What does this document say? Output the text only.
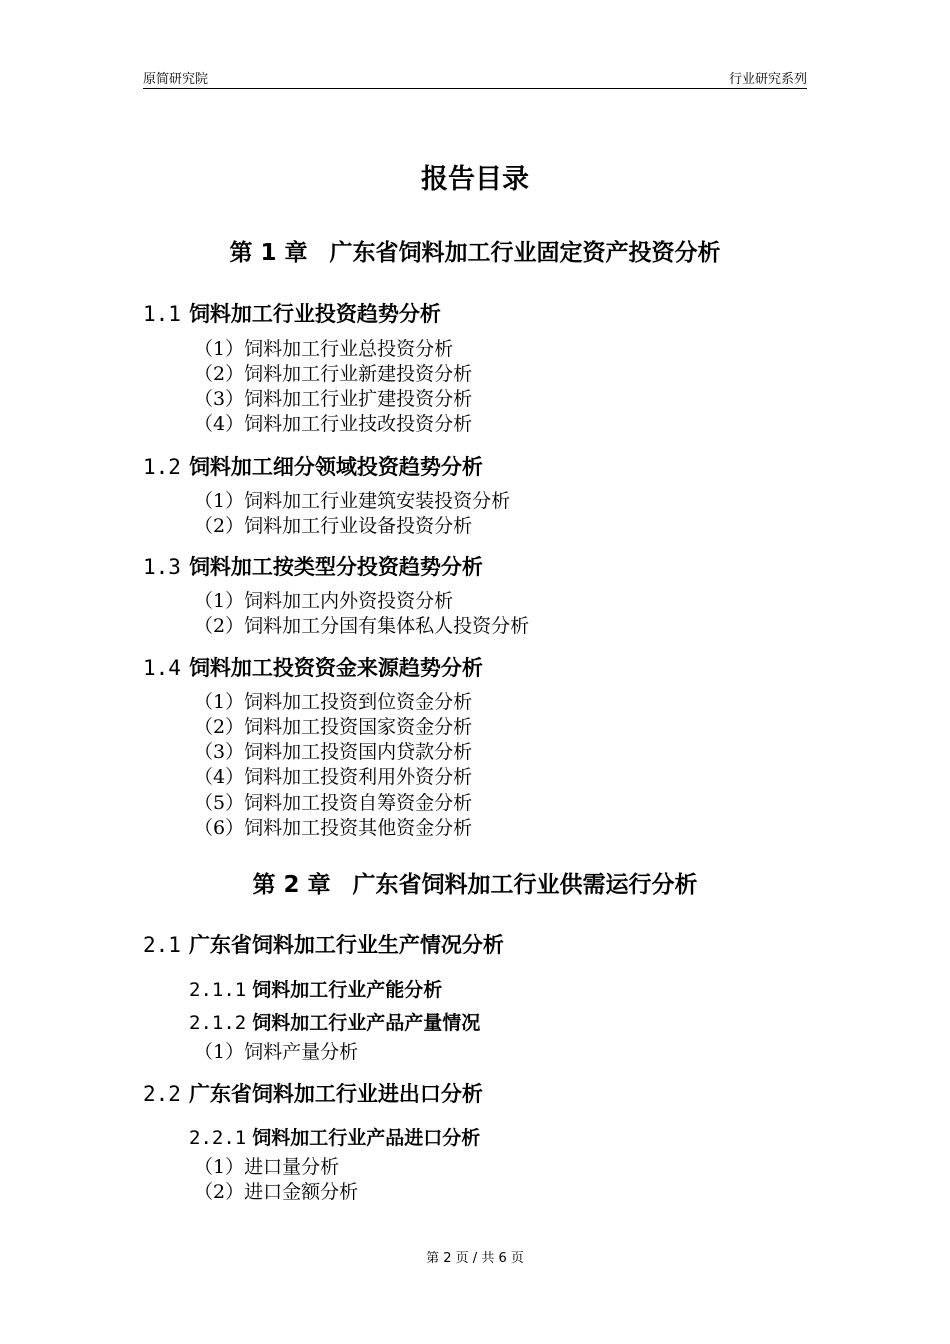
原简研究院	行业研究系列
报告目录
第 1 章 广东省饲料加工行业固定资产投资分析
1.1 饲料加工行业投资趋势分析
（1）饲料加工行业总投资分析
（2）饲料加工行业新建投资分析
（3）饲料加工行业扩建投资分析
（4）饲料加工行业技改投资分析
1.2 饲料加工细分领域投资趋势分析
（1）饲料加工行业建筑安装投资分析
（2）饲料加工行业设备投资分析
1.3 饲料加工按类型分投资趋势分析
（1）饲料加工内外资投资分析
（2）饲料加工分国有集体私人投资分析
1.4 饲料加工投资资金来源趋势分析
（1）饲料加工投资到位资金分析
（2）饲料加工投资国家资金分析
（3）饲料加工投资国内贷款分析
（4）饲料加工投资利用外资分析
（5）饲料加工投资自筹资金分析
（6）饲料加工投资其他资金分析
第 2 章 广东省饲料加工行业供需运行分析
2.1 广东省饲料加工行业生产情况分析
2.1.1 饲料加工行业产能分析
2.1.2 饲料加工行业产品产量情况
（1）饲料产量分析
2.2 广东省饲料加工行业进出口分析
2.2.1 饲料加工行业产品进口分析
（1）进口量分析
（2）进口金额分析
第 2 页 / 共 6 页
